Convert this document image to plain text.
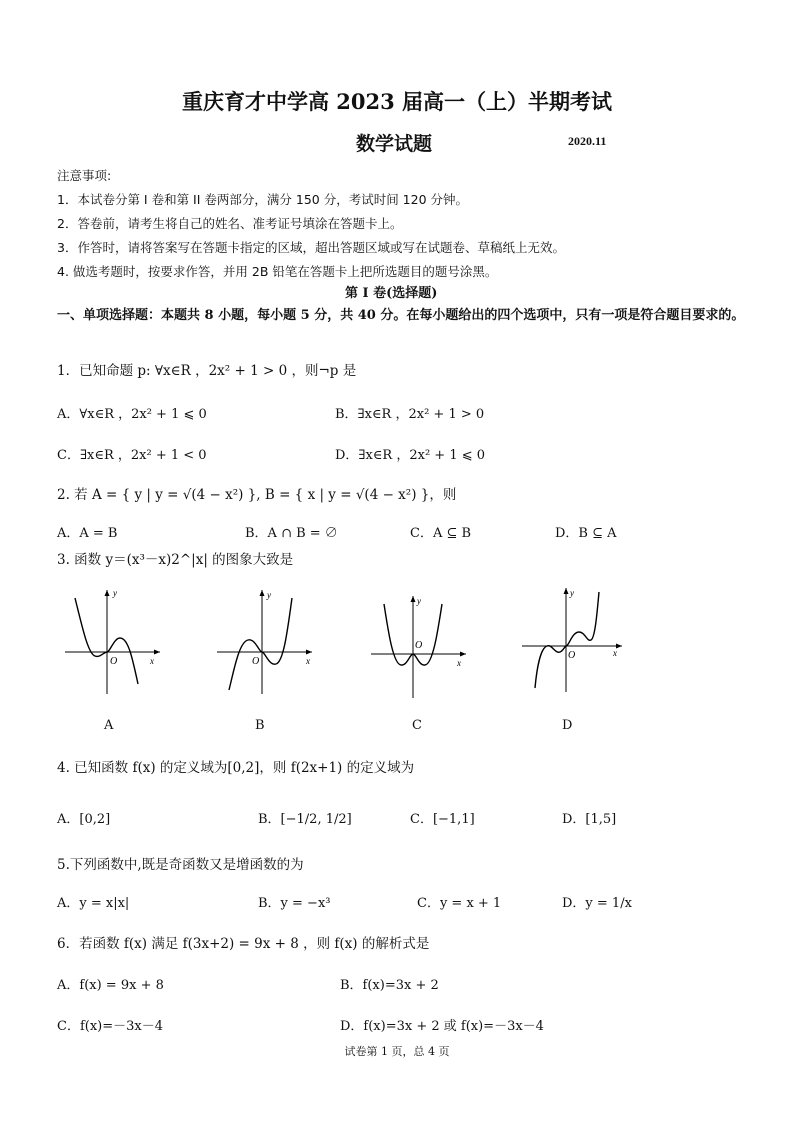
重庆育才中学高 2023 届高一（上）半期考试
数学试题	2020.11
注意事项:
1．本试卷分第 I 卷和第 II 卷两部分，满分 150 分，考试时间 120 分钟。
2．答卷前，请考生将自己的姓名、准考证号填涂在答题卡上。
3．作答时，请将答案写在答题卡指定的区域，超出答题区域或写在试题卷、草稿纸上无效。
4. 做选考题时，按要求作答，并用 2B 铅笔在答题卡上把所选题目的题号涂黑。
第 I 卷(选择题)
一、单项选择题：本题共 8 小题，每小题 5 分，共 40 分。在每小题给出的四个选项中，只有一项是符合题目要求的。
1．已知命题 p: ∀x∈R ，2x² + 1 > 0 ，则¬p 是
A．∀x∈R ，2x² + 1 ⩽ 0	B．∃x∈R ，2x² + 1 > 0
C．∃x∈R ，2x² + 1 < 0	D．∃x∈R ，2x² + 1 ⩽ 0
2. 若 A = { y | y = √(4 − x²) }, B = { x | y = √(4 − x²) }，则
A．A = B	B．A ∩ B = ∅	C．A ⊆ B	D．B ⊆ A
3. 函数 y＝(x³－x)2^|x| 的图象大致是
y
x
O
A
y
x
O
B
y
x
O
C
y
x
O
D
4. 已知函数 f(x) 的定义域为[0,2]，则 f(2x+1) 的定义域为
A．[0,2]	B．[−1/2, 1/2]	C．[−1,1]	D．[1,5]
5.下列函数中,既是奇函数又是增函数的为
A．y = x|x|	B．y = −x³	C．y = x + 1	D．y = 1/x
6．若函数 f(x) 满足 f(3x+2) = 9x + 8 ，则 f(x) 的解析式是
A．f(x) = 9x + 8	B．f(x)=3x + 2
C．f(x)=－3x－4	D．f(x)=3x + 2 或 f(x)=－3x－4
试卷第 1 页，总 4 页
